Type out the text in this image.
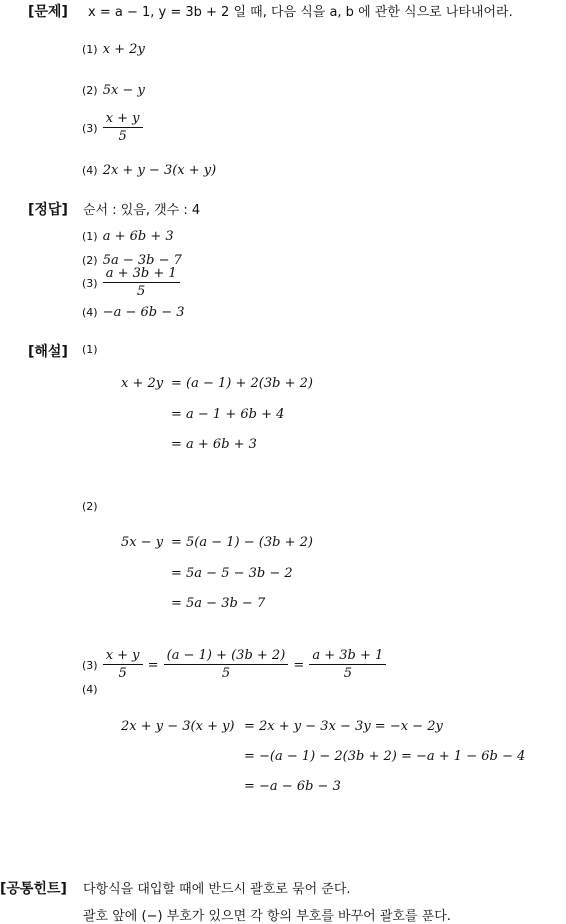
[문제] x = a − 1, y = 3b + 2 일 때, 다음 식을 a, b 에 관한 식으로 나타내어라.
(1) x + 2y
(2) 5x − y
$(3) \frac{x + y}{5}$
(4) 2x + y − 3(x + y)
[정답] 순서 : 있음, 갯수 : 4
(1) a + 6b + 3
(2) 5a − 3b − 7
$(3) \frac{a + 3b + 1}{5}$
(4) −a − 6b − 3
[해설] (1)
x + 2y = (a − 1) + 2(3b + 2)
= a − 1 + 6b + 4
= a + 6b + 3
(2)
5x − y = 5(a − 1) − (3b + 2)
= 5a − 5 − 3b − 2
= 5a − 3b − 7
$(3) \frac{x + y}{5} = \frac{(a - 1) + (3b + 2)}{5} = \frac{a + 3b + 1}{5}$
(4)
2x + y − 3(x + y) = 2x + y − 3x − 3y = −x − 2y
= −(a − 1) − 2(3b + 2) = −a + 1 − 6b − 4
= −a − 6b − 3
[공통힌트] 다항식을 대입할 때에 반드시 괄호로 묶어 준다.
괄호 앞에 (−) 부호가 있으면 각 항의 부호를 바꾸어 괄호를 푼다.
